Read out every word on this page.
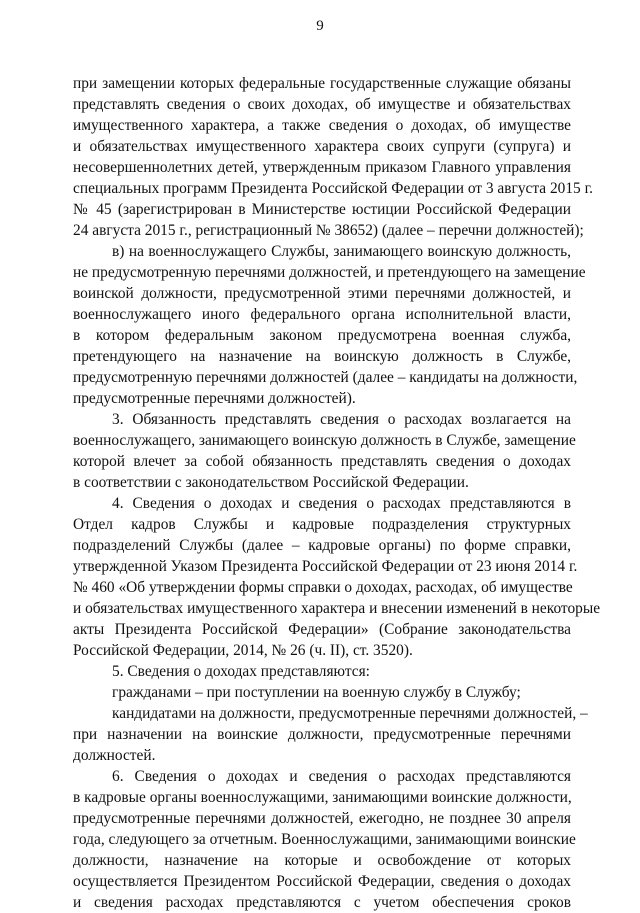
9
при замещении которых федеральные государственные служащие обязаны
представлять сведения о своих доходах, об имуществе и обязательствах
имущественного характера, а также сведения о доходах, об имуществе
и обязательствах имущественного характера своих супруги (супруга) и
несовершеннолетних детей, утвержденным приказом Главного управления
специальных программ Президента Российской Федерации от 3 августа 2015 г.
№ 45 (зарегистрирован в Министерстве юстиции Российской Федерации
24 августа 2015 г., регистрационный № 38652) (далее – перечни должностей);
в) на военнослужащего Службы, занимающего воинскую должность,
не предусмотренную перечнями должностей, и претендующего на замещение
воинской должности, предусмотренной этими перечнями должностей, и
военнослужащего иного федерального органа исполнительной власти,
в котором федеральным законом предусмотрена военная служба,
претендующего на назначение на воинскую должность в Службе,
предусмотренную перечнями должностей (далее – кандидаты на должности,
предусмотренные перечнями должностей).
3. Обязанность представлять сведения о расходах возлагается на
военнослужащего, занимающего воинскую должность в Службе, замещение
которой влечет за собой обязанность представлять сведения о доходах
в соответствии с законодательством Российской Федерации.
4. Сведения о доходах и сведения о расходах представляются в
Отдел кадров Службы и кадровые подразделения структурных
подразделений Службы (далее – кадровые органы) по форме справки,
утвержденной Указом Президента Российской Федерации от 23 июня 2014 г.
№ 460 «Об утверждении формы справки о доходах, расходах, об имуществе
и обязательствах имущественного характера и внесении изменений в некоторые
акты Президента Российской Федерации» (Собрание законодательства
Российской Федерации, 2014, № 26 (ч. II), ст. 3520).
5. Сведения о доходах представляются:
гражданами – при поступлении на военную службу в Службу;
кандидатами на должности, предусмотренные перечнями должностей, –
при назначении на воинские должности, предусмотренные перечнями
должностей.
6. Сведения о доходах и сведения о расходах представляются
в кадровые органы военнослужащими, занимающими воинские должности,
предусмотренные перечнями должностей, ежегодно, не позднее 30 апреля
года, следующего за отчетным. Военнослужащими, занимающими воинские
должности, назначение на которые и освобождение от которых
осуществляется Президентом Российской Федерации, сведения о доходах
и сведения расходах представляются с учетом обеспечения сроков
